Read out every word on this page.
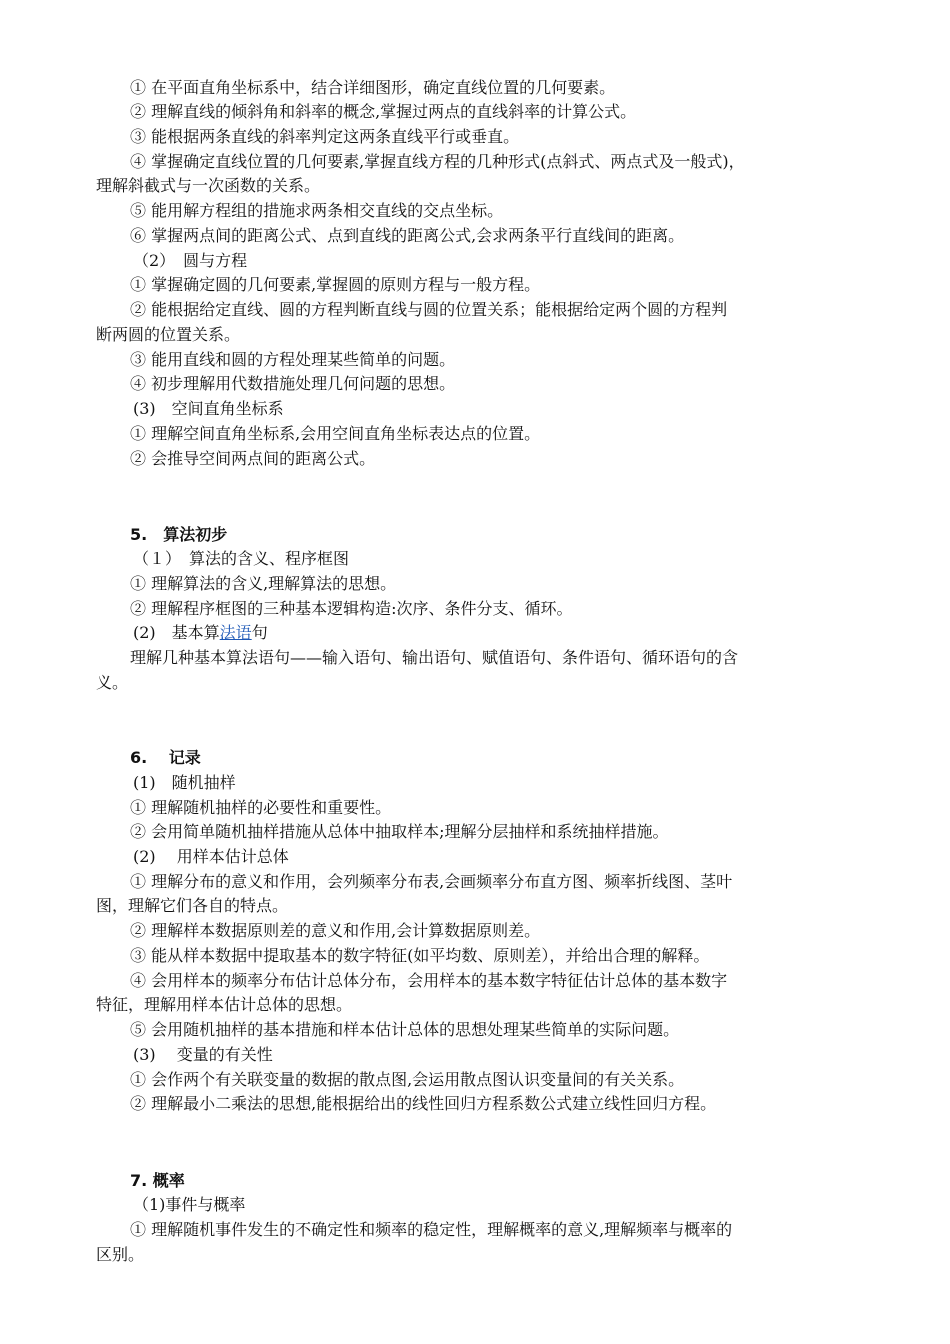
① 在平面直角坐标系中，结合详细图形，确定直线位置的几何要素。
② 理解直线的倾斜角和斜率的概念,掌握过两点的直线斜率的计算公式。
③ 能根据两条直线的斜率判定这两条直线平行或垂直。
④ 掌握确定直线位置的几何要素,掌握直线方程的几种形式(点斜式、两点式及一般式)，
理解斜截式与一次函数的关系。
⑤ 能用解方程组的措施求两条相交直线的交点坐标。
⑥ 掌握两点间的距离公式、点到直线的距离公式,会求两条平行直线间的距离。
（2）　圆与方程
① 掌握确定圆的几何要素,掌握圆的原则方程与一般方程。
② 能根据给定直线、圆的方程判断直线与圆的位置关系；能根据给定两个圆的方程判
断两圆的位置关系。
③ 能用直线和圆的方程处理某些简单的问题。
④ 初步理解用代数措施处理几何问题的思想。
(3)　空间直角坐标系
① 理解空间直角坐标系,会用空间直角坐标表达点的位置。
② 会推导空间两点间的距离公式。
5.　算法初步
（１）　算法的含义、程序框图
① 理解算法的含义,理解算法的思想。
② 理解程序框图的三种基本逻辑构造:次序、条件分支、循环。
(2)　基本算法语句
理解几种基本算法语句——输入语句、输出语句、赋值语句、条件语句、循环语句的含
义。
6.　 记录
(1)　随机抽样
① 理解随机抽样的必要性和重要性。
② 会用简单随机抽样措施从总体中抽取样本;理解分层抽样和系统抽样措施。
(2)　 用样本估计总体
① 理解分布的意义和作用，会列频率分布表,会画频率分布直方图、频率折线图、茎叶
图，理解它们各自的特点。
② 理解样本数据原则差的意义和作用,会计算数据原则差。
③ 能从样本数据中提取基本的数字特征(如平均数、原则差），并给出合理的解释。
④ 会用样本的频率分布估计总体分布，会用样本的基本数字特征估计总体的基本数字
特征，理解用样本估计总体的思想。
⑤ 会用随机抽样的基本措施和样本估计总体的思想处理某些简单的实际问题。
(3)　 变量的有关性
① 会作两个有关联变量的数据的散点图,会运用散点图认识变量间的有关关系。
② 理解最小二乘法的思想,能根据给出的线性回归方程系数公式建立线性回归方程。
7. 概率
（1)事件与概率
① 理解随机事件发生的不确定性和频率的稳定性，理解概率的意义,理解频率与概率的
区别。
